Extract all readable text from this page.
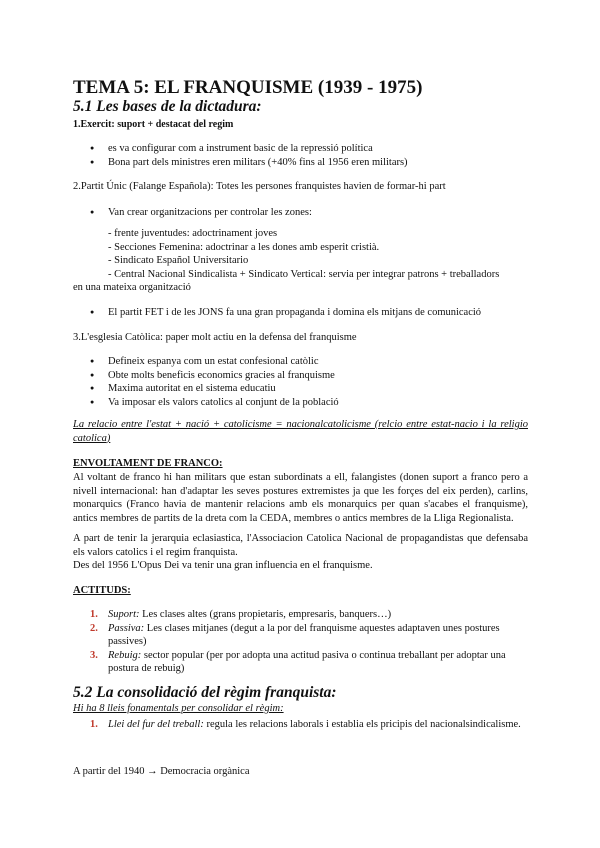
TEMA 5: EL FRANQUISME (1939 - 1975)
5.1 Les bases de la dictadura:
1.Exercit: suport + destacat del regim
● es va configurar com a instrument basic de la repressió política
● Bona part dels ministres eren militars (+40% fins al 1956 eren militars)
2.Partit Únic (Falange Española): Totes les persones franquistes havien de formar-hi part
● Van crear organitzacions per controlar les zones:
- frente juventudes: adoctrinament joves
- Secciones Femenina: adoctrinar a les dones amb esperit cristià.
- Sindicato Español Universitario
- Central Nacional Sindicalista + Sindicato Vertical: servia per integrar patrons + treballadors
en una mateixa organització
● El partit FET i de les JONS fa una gran propaganda i domina els mitjans de comunicació
3.L'esglesia Catòlica: paper molt actiu en la defensa del franquisme
● Defineix espanya com un estat confesional catòlic
● Obte molts beneficis economics gracies al franquisme
● Maxima autoritat en el sistema educatiu
● Va imposar els valors catolics al conjunt de la població
La relacio entre l'estat + nació + catolicisme = nacionalcatolicisme (relcio entre estat-nacio i la religio catolica)
ENVOLTAMENT DE FRANCO:
Al voltant de franco hi han militars que estan subordinats a ell, falangistes (donen suport a franco pero a nivell internacional: han d'adaptar les seves postures extremistes ja que les forçes del eix perden), carlins, monarquics (Franco havia de mantenir relacions amb els monarquics per quan s'acabes el franquisme), antics membres de partits de la dreta com la CEDA, membres o antics membres de la Lliga Regionalista.
A part de tenir la jerarquia eclasiastica, l'Associacion Catolica Nacional de propagandistas que defensaba els valors catolics i el regim franquista.
Des del 1956 L'Opus Dei va tenir una gran influencia en el franquisme.
ACTITUDS:
1. Suport: Les clases altes (grans propietaris, empresaris, banquers…)
2. Passiva: Les clases mitjanes (degut a la por del franquisme aquestes adaptaven unes postures passives)
3. Rebuig: sector popular (per por adopta una actitud pasiva o continua treballant per adoptar una postura de rebuig)
5.2 La consolidació del règim franquista:
Hi ha 8 lleis fonamentals per consolidar el règim:
1. Llei del fur del treball: regula les relacions laborals i establia els pricipis del nacionalsindicalisme.
A partir del 1940 → Democracia orgànica
